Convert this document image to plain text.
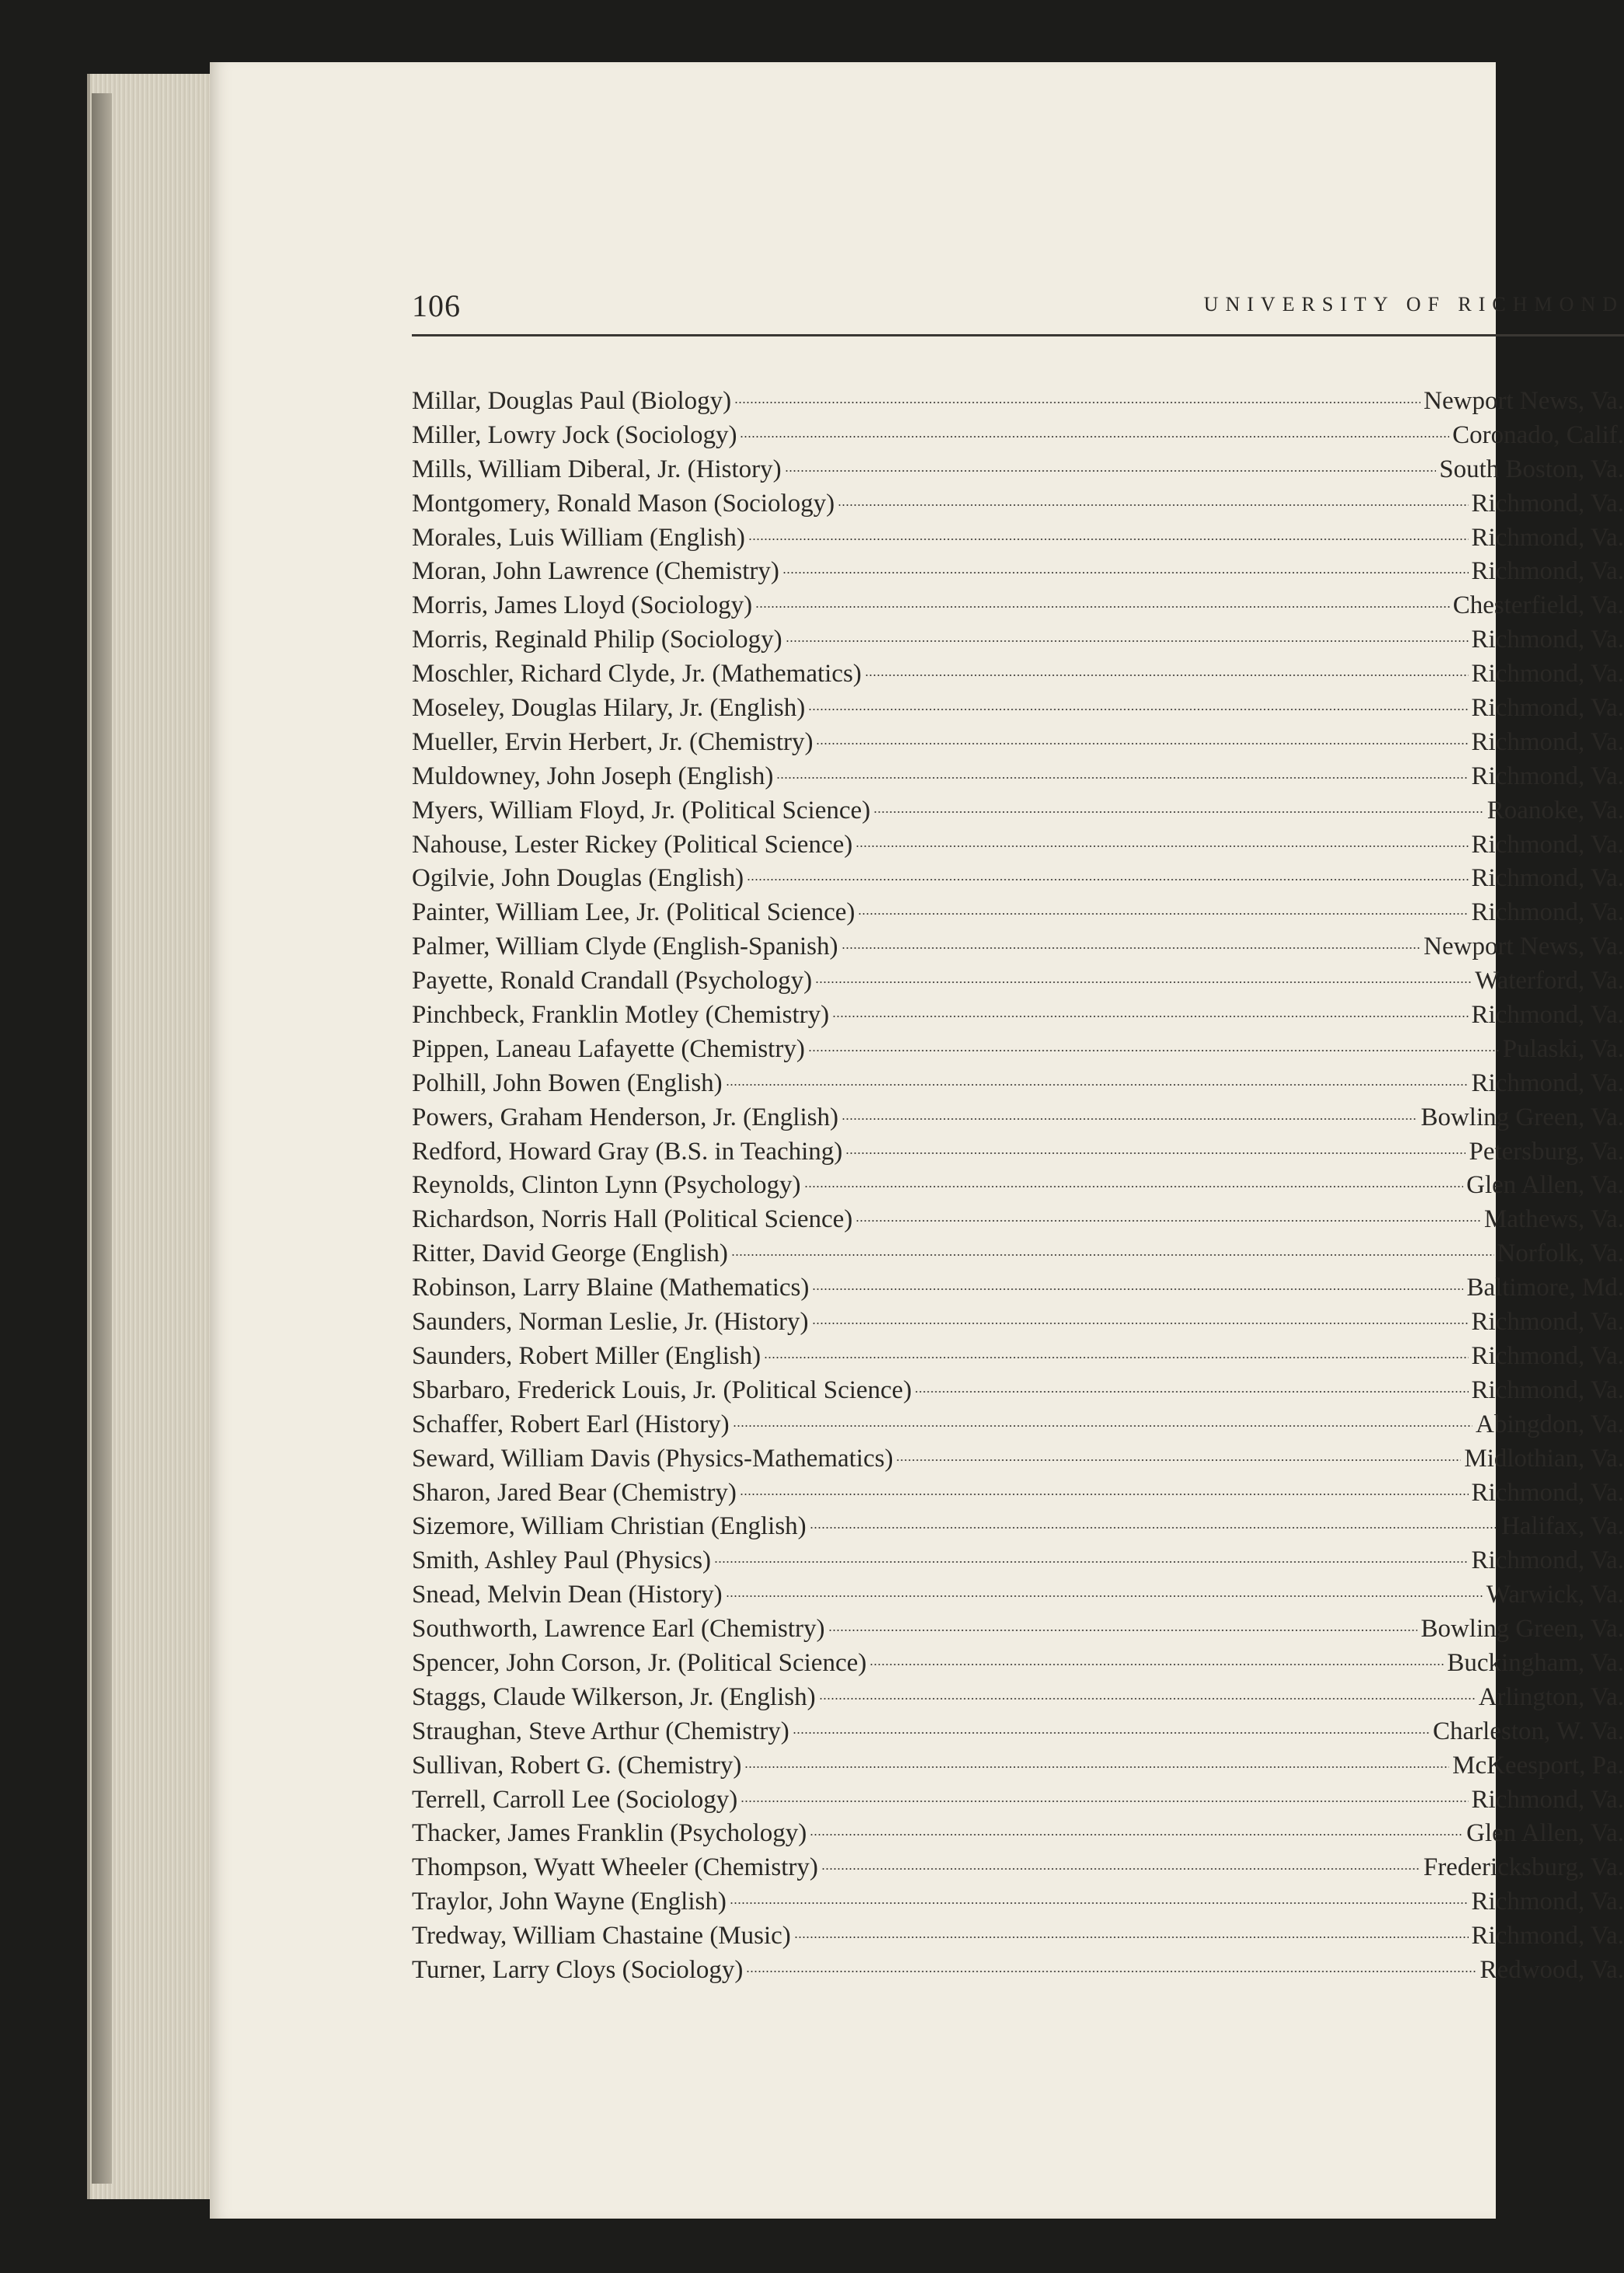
106	UNIVERSITY OF RICHMOND
Millar, Douglas Paul (Biology)	Newport News, Va.
Miller, Lowry Jock (Sociology)	Coronado, Calif.
Mills, William Diberal, Jr. (History)	South Boston, Va.
Montgomery, Ronald Mason (Sociology)	Richmond, Va.
Morales, Luis William (English)	Richmond, Va.
Moran, John Lawrence (Chemistry)	Richmond, Va.
Morris, James Lloyd (Sociology)	Chesterfield, Va.
Morris, Reginald Philip (Sociology)	Richmond, Va.
Moschler, Richard Clyde, Jr. (Mathematics)	Richmond, Va.
Moseley, Douglas Hilary, Jr. (English)	Richmond, Va.
Mueller, Ervin Herbert, Jr. (Chemistry)	Richmond, Va.
Muldowney, John Joseph (English)	Richmond, Va.
Myers, William Floyd, Jr. (Political Science)	Roanoke, Va.
Nahouse, Lester Rickey (Political Science)	Richmond, Va.
Ogilvie, John Douglas (English)	Richmond, Va.
Painter, William Lee, Jr. (Political Science)	Richmond, Va.
Palmer, William Clyde (English-Spanish)	Newport News, Va.
Payette, Ronald Crandall (Psychology)	Waterford, Va.
Pinchbeck, Franklin Motley (Chemistry)	Richmond, Va.
Pippen, Laneau Lafayette (Chemistry)	Pulaski, Va.
Polhill, John Bowen (English)	Richmond, Va.
Powers, Graham Henderson, Jr. (English)	Bowling Green, Va.
Redford, Howard Gray (B.S. in Teaching)	Petersburg, Va.
Reynolds, Clinton Lynn (Psychology)	Glen Allen, Va.
Richardson, Norris Hall (Political Science)	Mathews, Va.
Ritter, David George (English)	Norfolk, Va.
Robinson, Larry Blaine (Mathematics)	Baltimore, Md.
Saunders, Norman Leslie, Jr. (History)	Richmond, Va.
Saunders, Robert Miller (English)	Richmond, Va.
Sbarbaro, Frederick Louis, Jr. (Political Science)	Richmond, Va.
Schaffer, Robert Earl (History)	Abingdon, Va.
Seward, William Davis (Physics-Mathematics)	Midlothian, Va.
Sharon, Jared Bear (Chemistry)	Richmond, Va.
Sizemore, William Christian (English)	Halifax, Va.
Smith, Ashley Paul (Physics)	Richmond, Va.
Snead, Melvin Dean (History)	Warwick, Va.
Southworth, Lawrence Earl (Chemistry)	Bowling Green, Va.
Spencer, John Corson, Jr. (Political Science)	Buckingham, Va.
Staggs, Claude Wilkerson, Jr. (English)	Arlington, Va.
Straughan, Steve Arthur (Chemistry)	Charleston, W. Va.
Sullivan, Robert G. (Chemistry)	McKeesport, Pa.
Terrell, Carroll Lee (Sociology)	Richmond, Va.
Thacker, James Franklin (Psychology)	Glen Allen, Va.
Thompson, Wyatt Wheeler (Chemistry)	Fredericksburg, Va.
Traylor, John Wayne (English)	Richmond, Va.
Tredway, William Chastaine (Music)	Richmond, Va.
Turner, Larry Cloys (Sociology)	Redwood, Va.
